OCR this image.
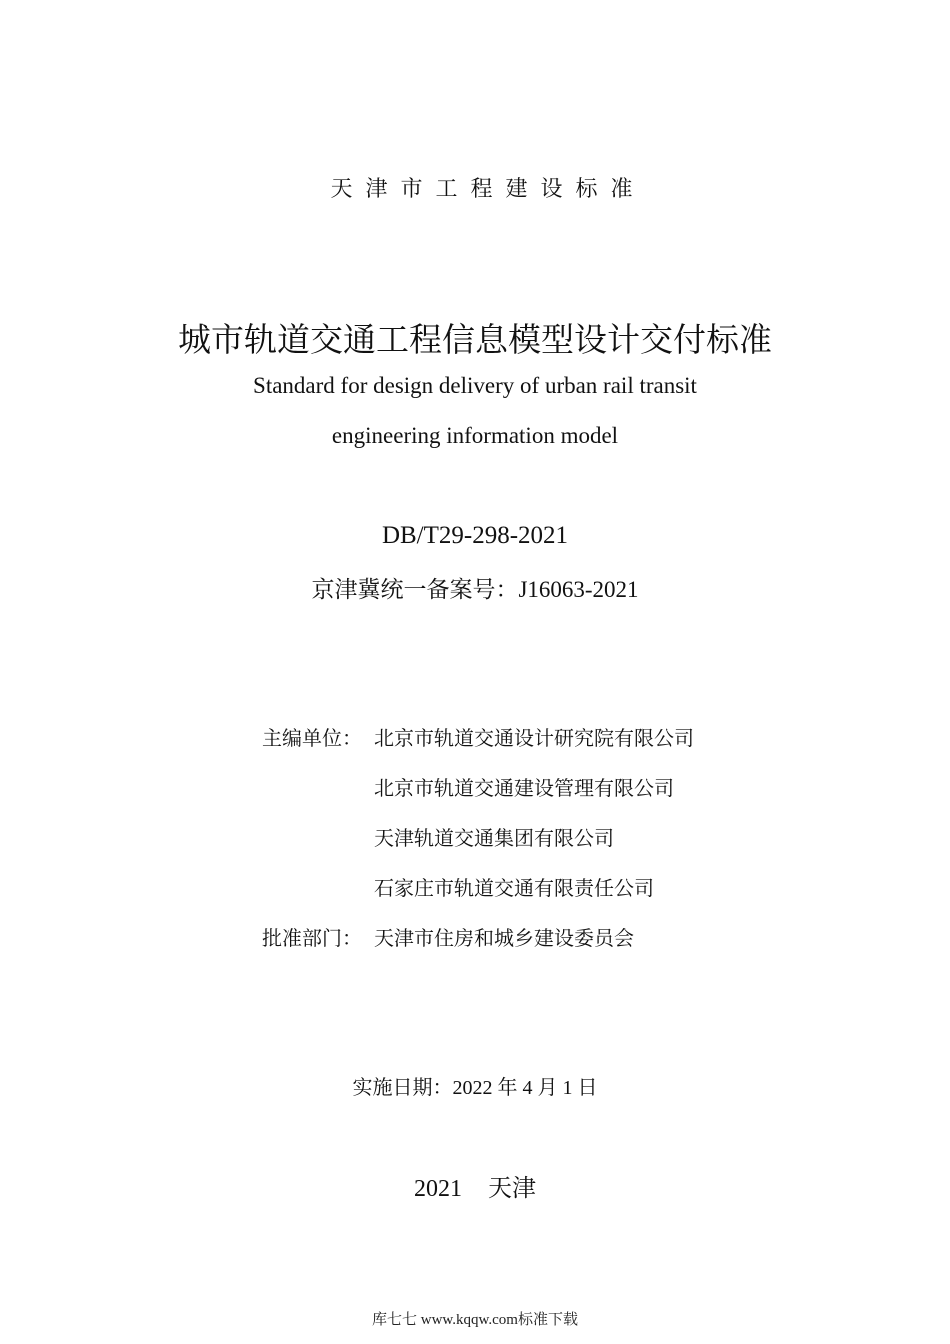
天津市工程建设标准
城市轨道交通工程信息模型设计交付标准
Standard for design delivery of urban rail transit
engineering information model
DB/T29-298-2021
京津冀统一备案号：J16063-2021
主编单位： 北京市轨道交通设计研究院有限公司
北京市轨道交通建设管理有限公司
天津轨道交通集团有限公司
石家庄市轨道交通有限责任公司
批准部门： 天津市住房和城乡建设委员会
实施日期：2022 年 4 月 1 日
2021 天津
库七七 www.kqqw.com标准下载
